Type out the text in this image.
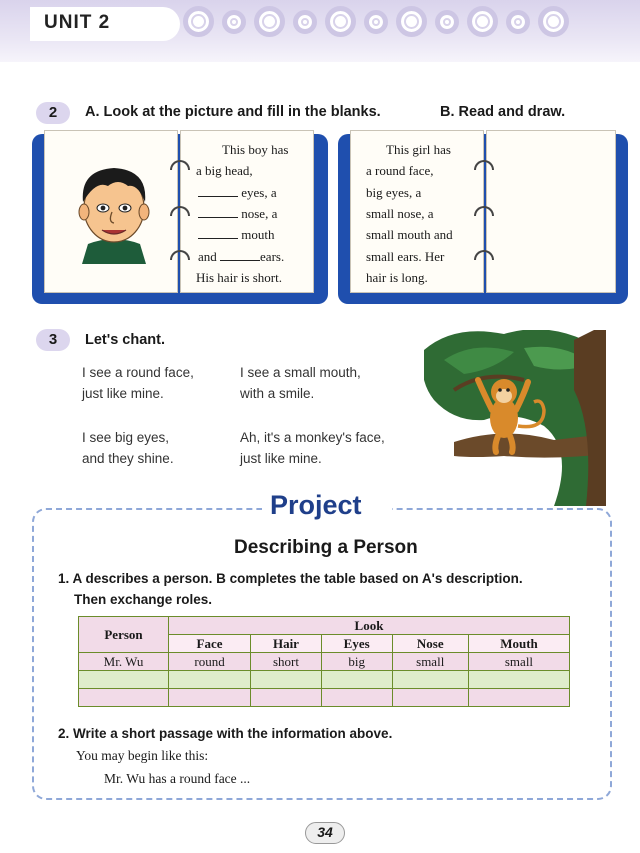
UNIT 2
2	A. Look at the picture and fill in the blanks.	B. Read and draw.
This boy has
a big head,
eyes, a
nose, a
mouth
and	ears.
His hair is short.
This girl has
a round face,
big eyes, a
small nose, a
small mouth and
small ears. Her
hair is long.
3	Let's chant.
I see a round face,
just like mine.
I see a small mouth,
with a smile.
I see big eyes,
and they shine.
Ah, it's a monkey's face,
just like mine.
Project
Describing a Person
1. A describes a person. B completes the table based on A's description.
Then exchange roles.
Person	Look				
	Face	Hair	Eyes	Nose	Mouth
Mr. Wu	round	short	big	small	small

2. Write a short passage with the information above.
You may begin like this:
Mr. Wu has a round face ...
34
